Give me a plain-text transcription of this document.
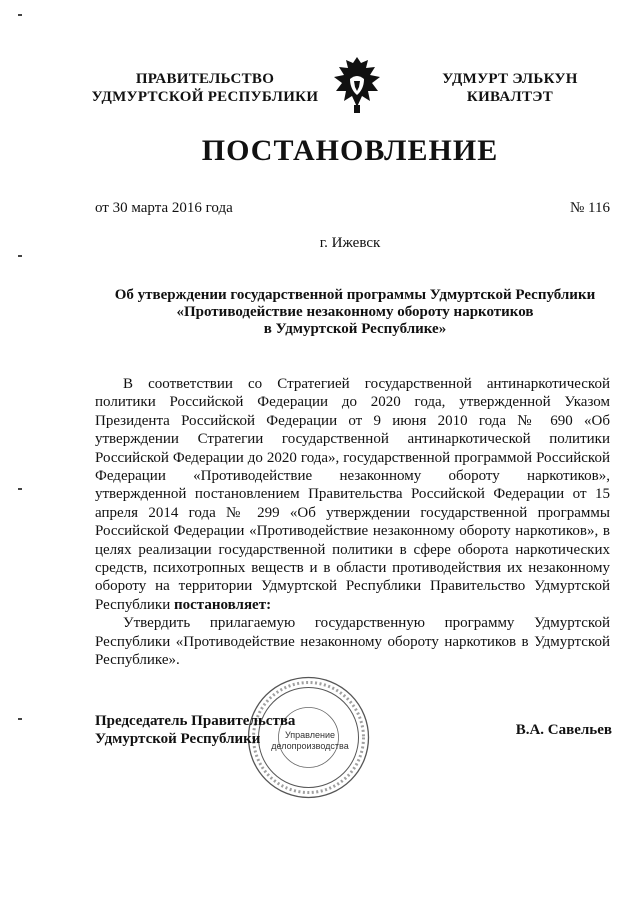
ПРАВИТЕЛЬСТВО
УДМУРТСКОЙ РЕСПУБЛИКИ
УДМУРТ ЭЛЬКУН
КИВАЛТЭТ
ПОСТАНОВЛЕНИЕ
от 30 марта 2016 года	№ 116
г. Ижевск
Об утверждении государственной программы Удмуртской Республики
«Противодействие незаконному обороту наркотиков
в Удмуртской Республике»

В соответствии со Стратегией государственной антинаркотической политики Российской Федерации до 2020 года, утвержденной Указом Президента Российской Федерации от 9 июня 2010 года № 690 «Об утверждении Стратегии государственной антинаркотической политики Российской Федерации до 2020 года», государственной программой Российской Федерации «Противодействие незаконному обороту наркотиков», утвержденной постановлением Правительства Российской Федерации от 15 апреля 2014 года № 299 «Об утверждении государственной программы Российской Федерации «Противодействие незаконному обороту наркотиков», в целях реализации государственной политики в сфере оборота наркотических средств, психотропных веществ и в области противодействия их незаконному обороту на территории Удмуртской Республики Правительство Удмуртской Республики постановляет:

Утвердить прилагаемую государственную программу Удмуртской Республики «Противодействие незаконному обороту наркотиков в Удмуртской Республике».

Управление
делопроизводства
Председатель Правительства
Удмуртской Республики
В.А. Савельев
